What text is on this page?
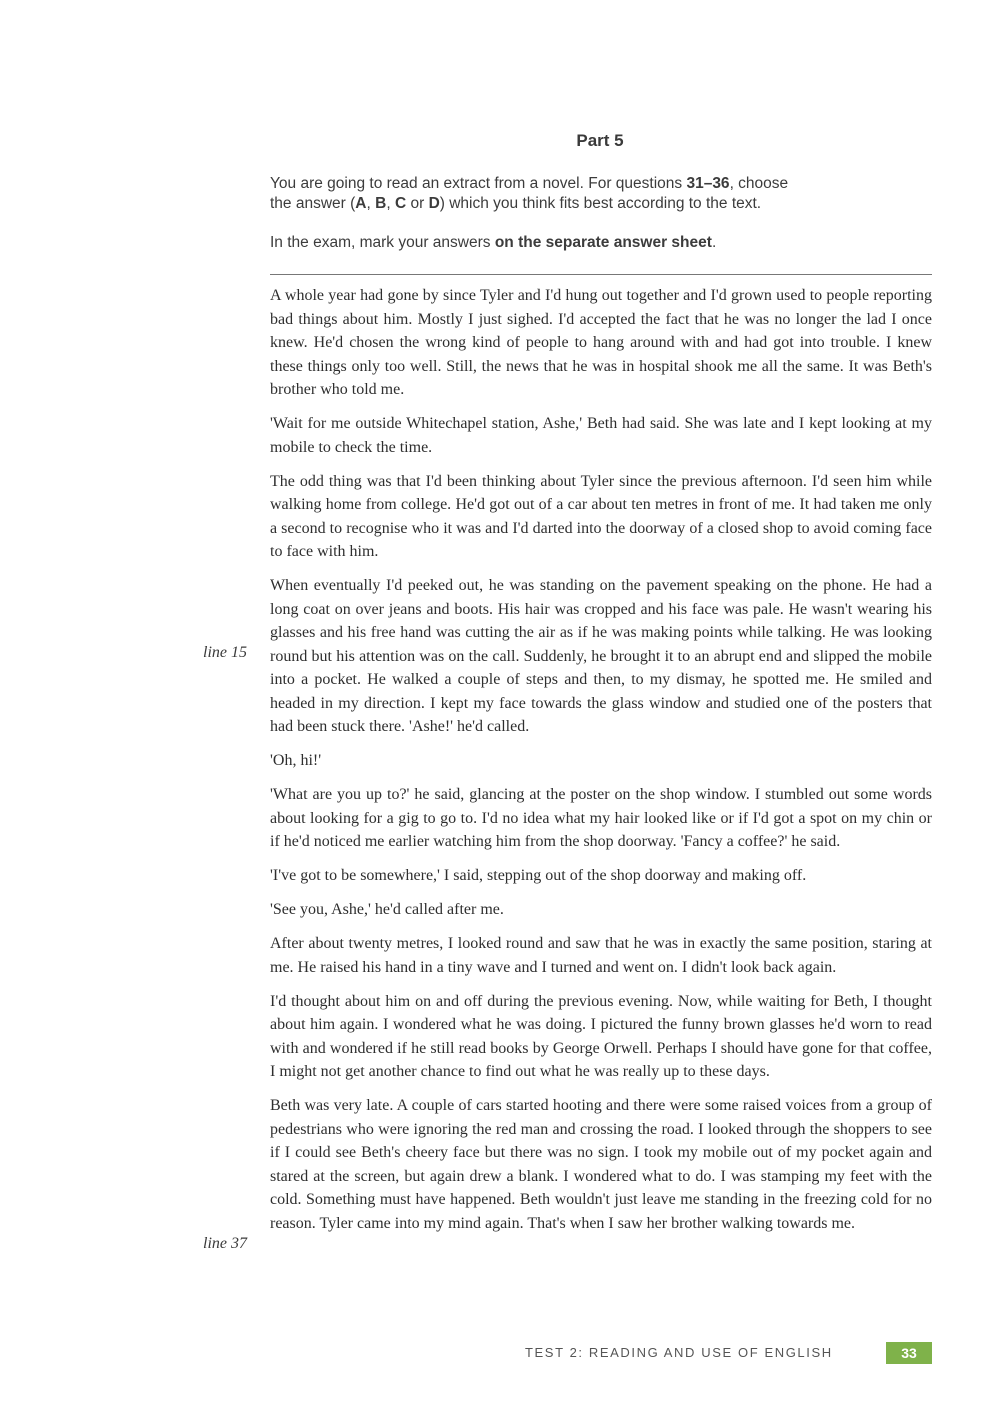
Part 5
You are going to read an extract from a novel. For questions 31–36, choose
the answer (A, B, C or D) which you think fits best according to the text.
In the exam, mark your answers on the separate answer sheet.

A whole year had gone by since Tyler and I'd hung out together and I'd grown used to people reporting bad things about him. Mostly I just sighed. I'd accepted the fact that he was no longer the lad I once knew. He'd chosen the wrong kind of people to hang around with and had got into trouble. I knew these things only too well. Still, the news that he was in hospital shook me all the same. It was Beth's brother who told me.

'Wait for me outside Whitechapel station, Ashe,' Beth had said. She was late and I kept looking at my mobile to check the time.

The odd thing was that I'd been thinking about Tyler since the previous afternoon. I'd seen him while walking home from college. He'd got out of a car about ten metres in front of me. It had taken me only a second to recognise who it was and I'd darted into the doorway of a closed shop to avoid coming face to face with him.

When eventually I'd peeked out, he was standing on the pavement speaking on the phone. He had a long coat on over jeans and boots. His hair was cropped and his face was pale. He wasn't wearing his glasses and his free hand was cutting the air as if he was making points while talking. He was looking round but his attention was on the call. Suddenly, he brought it to an abrupt end and slipped the mobile into a pocket. He walked a couple of steps and then, to my dismay, he spotted me. He smiled and headed in my direction. I kept my face towards the glass window and studied one of the posters that had been stuck there. 'Ashe!' he'd called.

'Oh, hi!'

'What are you up to?' he said, glancing at the poster on the shop window. I stumbled out some words about looking for a gig to go to. I'd no idea what my hair looked like or if I'd got a spot on my chin or if he'd noticed me earlier watching him from the shop doorway. 'Fancy a coffee?' he said.

'I've got to be somewhere,' I said, stepping out of the shop doorway and making off.

'See you, Ashe,' he'd called after me.

After about twenty metres, I looked round and saw that he was in exactly the same position, staring at me. He raised his hand in a tiny wave and I turned and went on. I didn't look back again.

I'd thought about him on and off during the previous evening. Now, while waiting for Beth, I thought about him again. I wondered what he was doing. I pictured the funny brown glasses he'd worn to read with and wondered if he still read books by George Orwell. Perhaps I should have gone for that coffee, I might not get another chance to find out what he was really up to these days.

Beth was very late. A couple of cars started hooting and there were some raised voices from a group of pedestrians who were ignoring the red man and crossing the road. I looked through the shoppers to see if I could see Beth's cheery face but there was no sign. I took my mobile out of my pocket again and stared at the screen, but again drew a blank. I wondered what to do. I was stamping my feet with the cold. Something must have happened. Beth wouldn't just leave me standing in the freezing cold for no reason. Tyler came into my mind again. That's when I saw her brother walking towards me.

line 15
line 37
TEST 2: READING AND USE OF ENGLISH	33
